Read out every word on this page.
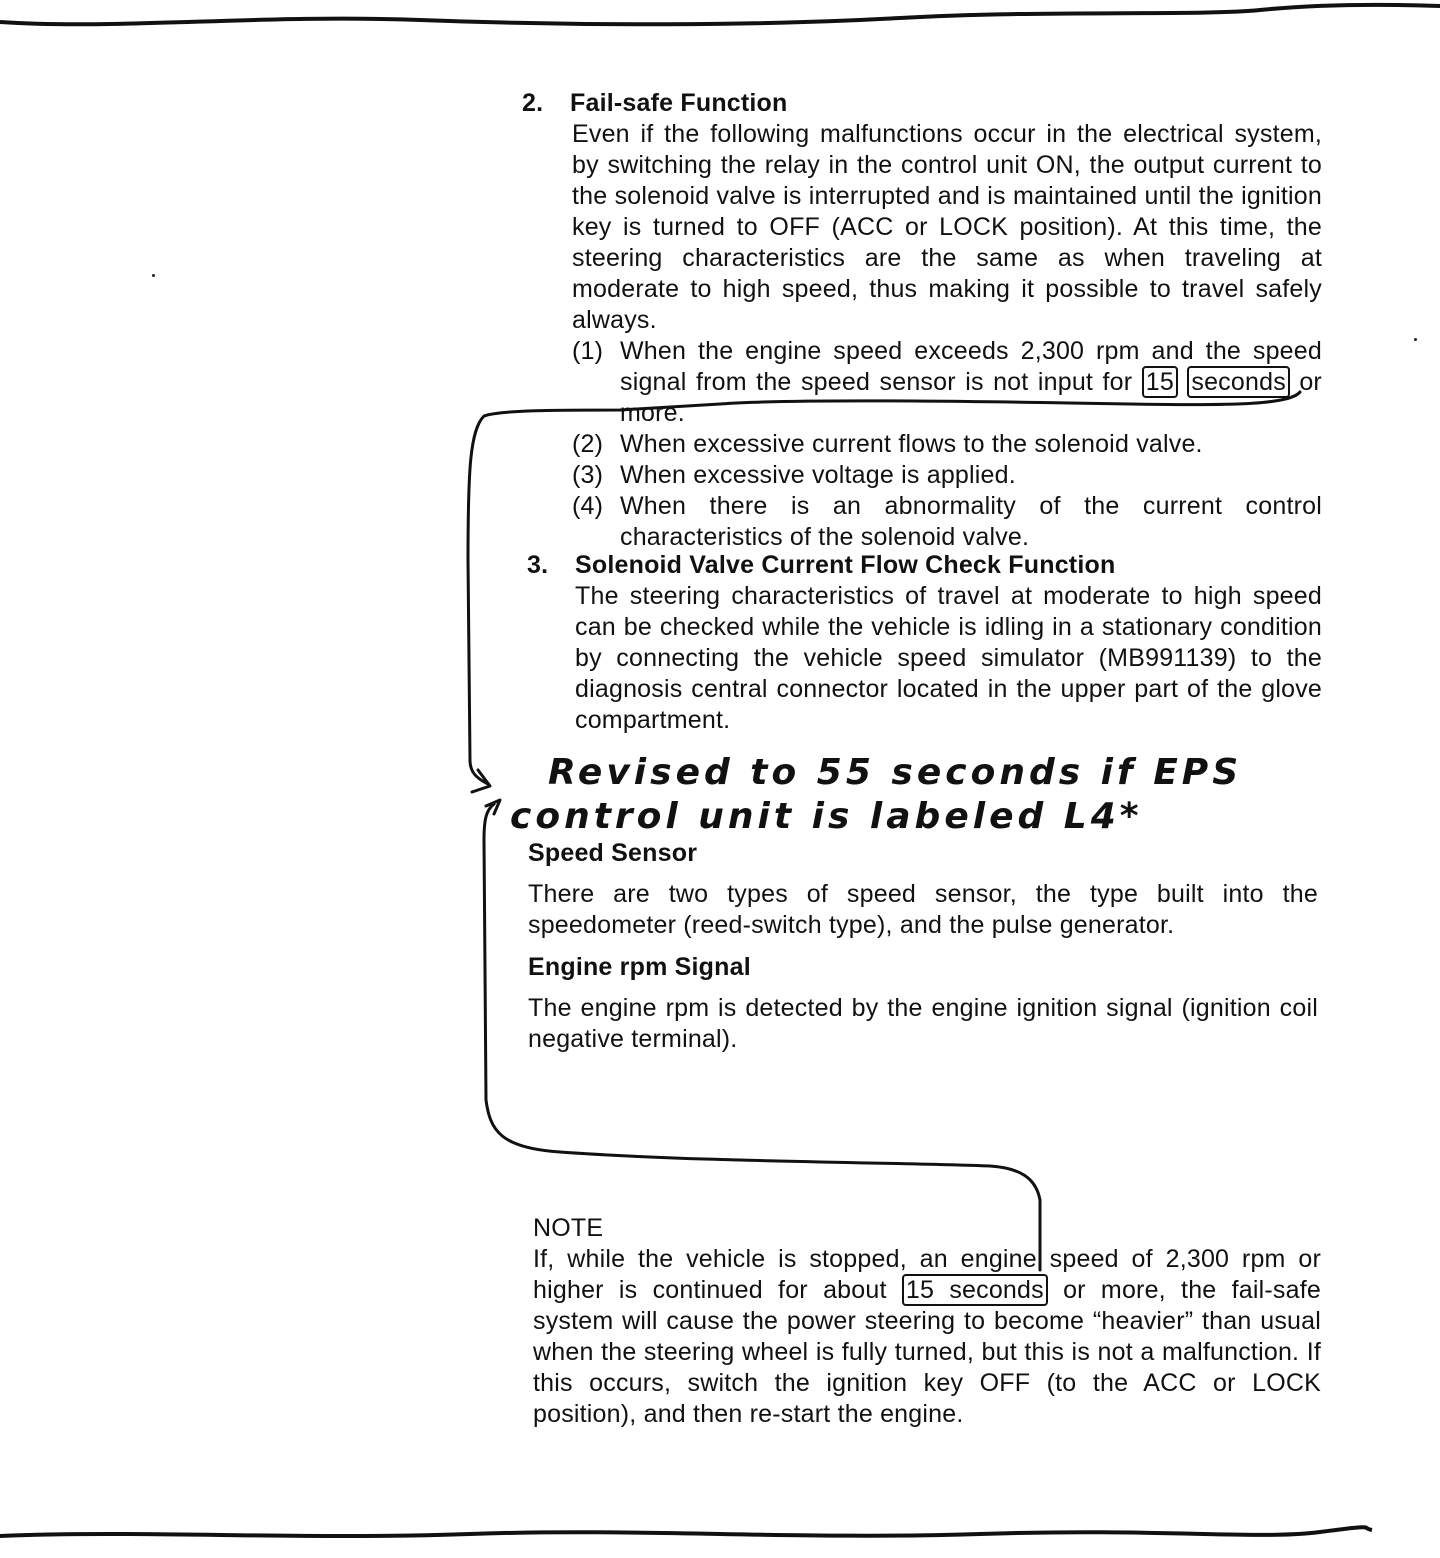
2. Fail-safe Function
Even if the following malfunctions occur in the electrical system, by switching the relay in the control unit ON, the output current to the solenoid valve is interrupted and is maintained until the ignition key is turned to OFF (ACC or LOCK position). At this time, the steering characteristics are the same as when traveling at moderate to high speed, thus making it possible to travel safely always.
(1) When the engine speed exceeds 2,300 rpm and the speed signal from the speed sensor is not input for 15 seconds or more.
(2) When excessive current flows to the solenoid valve.
(3) When excessive voltage is applied.
(4) When there is an abnormality of the current control characteristics of the solenoid valve.
3. Solenoid Valve Current Flow Check Function
The steering characteristics of travel at moderate to high speed can be checked while the vehicle is idling in a stationary condition by connecting the vehicle speed simulator (MB991139) to the diagnosis central connector located in the upper part of the glove compartment.
Revised to 55 seconds if EPS
control unit is labeled L4*
Speed Sensor
There are two types of speed sensor, the type built into the speedometer (reed-switch type), and the pulse generator.
Engine rpm Signal
The engine rpm is detected by the engine ignition signal (ignition coil negative terminal).
NOTE
If, while the vehicle is stopped, an engine speed of 2,300 rpm or higher is continued for about 15 seconds or more, the fail-safe system will cause the power steering to become “heavier” than usual when the steering wheel is fully turned, but this is not a malfunction. If this occurs, switch the ignition key OFF (to the ACC or LOCK position), and then re-start the engine.
